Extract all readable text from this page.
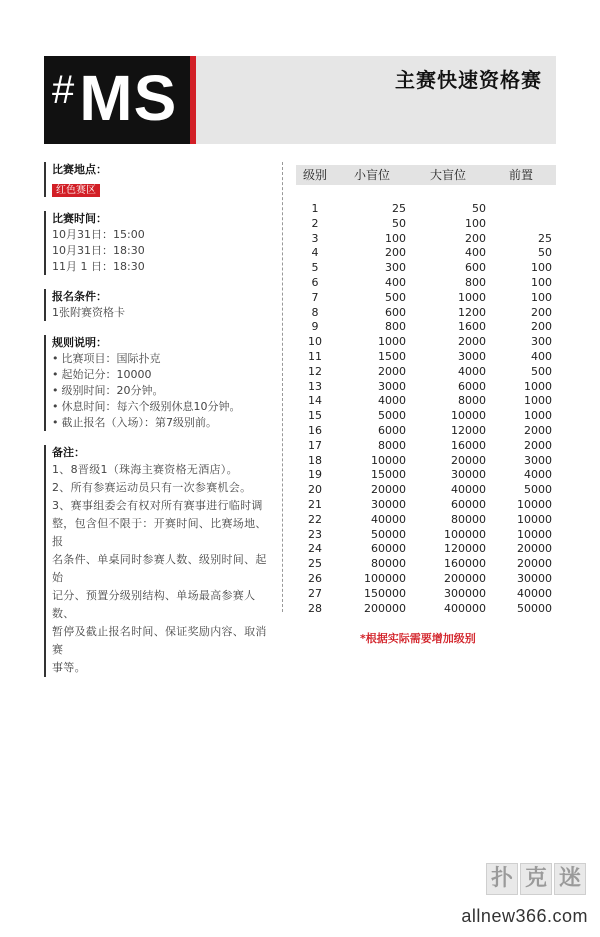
#MS	主赛快速资格赛
比赛地点：
红色赛区
比赛时间：
10月31日：15:00
10月31日：18:30
11月 1 日：18:30
报名条件：
1张附赛资格卡
规则说明：
• 比赛项目：国际扑克
• 起始记分：10000
• 级别时间：20分钟。
• 休息时间：每六个级别休息10分钟。
• 截止报名（入场）：第7级别前。
备注：
1、8晋级1（珠海主赛资格无酒店）。
2、所有参赛运动员只有一次参赛机会。
3、赛事组委会有权对所有赛事进行临时调
整，包含但不限于：开赛时间、比赛场地、报
名条件、单桌同时参赛人数、级别时间、起始
记分、预置分级别结构、单场最高参赛人数、
暂停及截止报名时间、保证奖励内容、取消赛
事等。
级别	小盲位	大盲位	前置
1	25	50
2	50	100
3	100	200	25
4	200	400	50
5	300	600	100
6	400	800	100
7	500	1000	100
8	600	1200	200
9	800	1600	200
10	1000	2000	300
11	1500	3000	400
12	2000	4000	500
13	3000	6000	1000
14	4000	8000	1000
15	5000	10000	1000
16	6000	12000	2000
17	8000	16000	2000
18	10000	20000	3000
19	15000	30000	4000
20	20000	40000	5000
21	30000	60000	10000
22	40000	80000	10000
23	50000	100000	10000
24	60000	120000	20000
25	80000	160000	20000
26	100000	200000	30000
27	150000	300000	40000
28	200000	400000	50000
*根据实际需要增加级别
扑 克 迷
allnew366.com
